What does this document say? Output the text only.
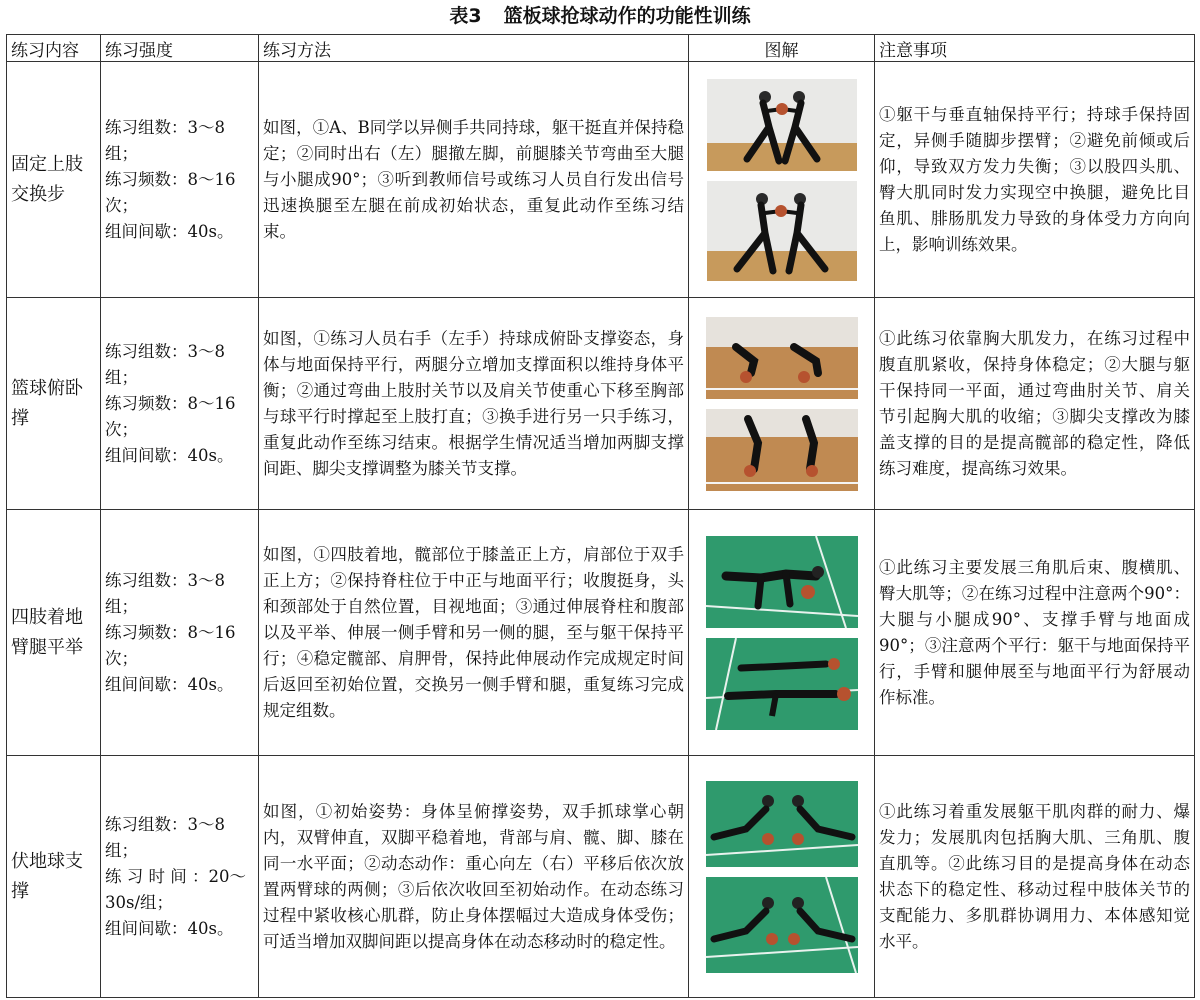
表3 篮板球抢球动作的功能性训练
练习内容	练习强度	练习方法	图解	注意事项
固定上肢交换步	练习组数：3～8组；
练习频数：8～16次；
组间间歇：40s。	如图，①A、B同学以异侧手共同持球，躯干挺直并保持稳定；②同时出右（左）腿撤左脚，前腿膝关节弯曲至大腿与小腿成90°；③听到教师信号或练习人员自行发出信号迅速换腿至左腿在前成初始状态，重复此动作至练习结束。		①躯干与垂直轴保持平行；持球手保持固定，异侧手随脚步摆臂；②避免前倾或后仰，导致双方发力失衡；③以股四头肌、臀大肌同时发力实现空中换腿，避免比目鱼肌、腓肠肌发力导致的身体受力方向向上，影响训练效果。
篮球俯卧撑	练习组数：3～8组；
练习频数：8～16次；
组间间歇：40s。	如图，①练习人员右手（左手）持球成俯卧支撑姿态，身体与地面保持平行，两腿分立增加支撑面积以维持身体平衡；②通过弯曲上肢肘关节以及肩关节使重心下移至胸部与球平行时撑起至上肢打直；③换手进行另一只手练习，重复此动作至练习结束。根据学生情况适当增加两脚支撑间距、脚尖支撑调整为膝关节支撑。		①此练习依靠胸大肌发力，在练习过程中腹直肌紧收，保持身体稳定；②大腿与躯干保持同一平面，通过弯曲肘关节、肩关节引起胸大肌的收缩；③脚尖支撑改为膝盖支撑的目的是提高髋部的稳定性，降低练习难度，提高练习效果。
四肢着地臂腿平举	练习组数：3～8组；
练习频数：8～16次；
组间间歇：40s。	如图，①四肢着地，髋部位于膝盖正上方，肩部位于双手正上方；②保持脊柱位于中正与地面平行；收腹挺身，头和颈部处于自然位置，目视地面；③通过伸展脊柱和腹部以及平举、伸展一侧手臂和另一侧的腿，至与躯干保持平行；④稳定髋部、肩胛骨，保持此伸展动作完成规定时间后返回至初始位置，交换另一侧手臂和腿，重复练习完成规定组数。		①此练习主要发展三角肌后束、腹横肌、臀大肌等；②在练习过程中注意两个90°：大腿与小腿成90°、支撑手臂与地面成90°；③注意两个平行：躯干与地面保持平行，手臂和腿伸展至与地面平行为舒展动作标准。
伏地球支撑	练习组数：3～8组；
练 习 时 间 ：20～30s/组；
组间间歇：40s。	如图，①初始姿势：身体呈俯撑姿势，双手抓球掌心朝内，双臂伸直，双脚平稳着地，背部与肩、髋、脚、膝在同一水平面；②动态动作：重心向左（右）平移后依次放置两臂球的两侧；③后依次收回至初始动作。在动态练习过程中紧收核心肌群，防止身体摆幅过大造成身体受伤；可适当增加双脚间距以提高身体在动态移动时的稳定性。		①此练习着重发展躯干肌肉群的耐力、爆发力；发展肌肉包括胸大肌、三角肌、腹直肌等。②此练习目的是提高身体在动态状态下的稳定性、移动过程中肢体关节的支配能力、多肌群协调用力、本体感知觉水平。
